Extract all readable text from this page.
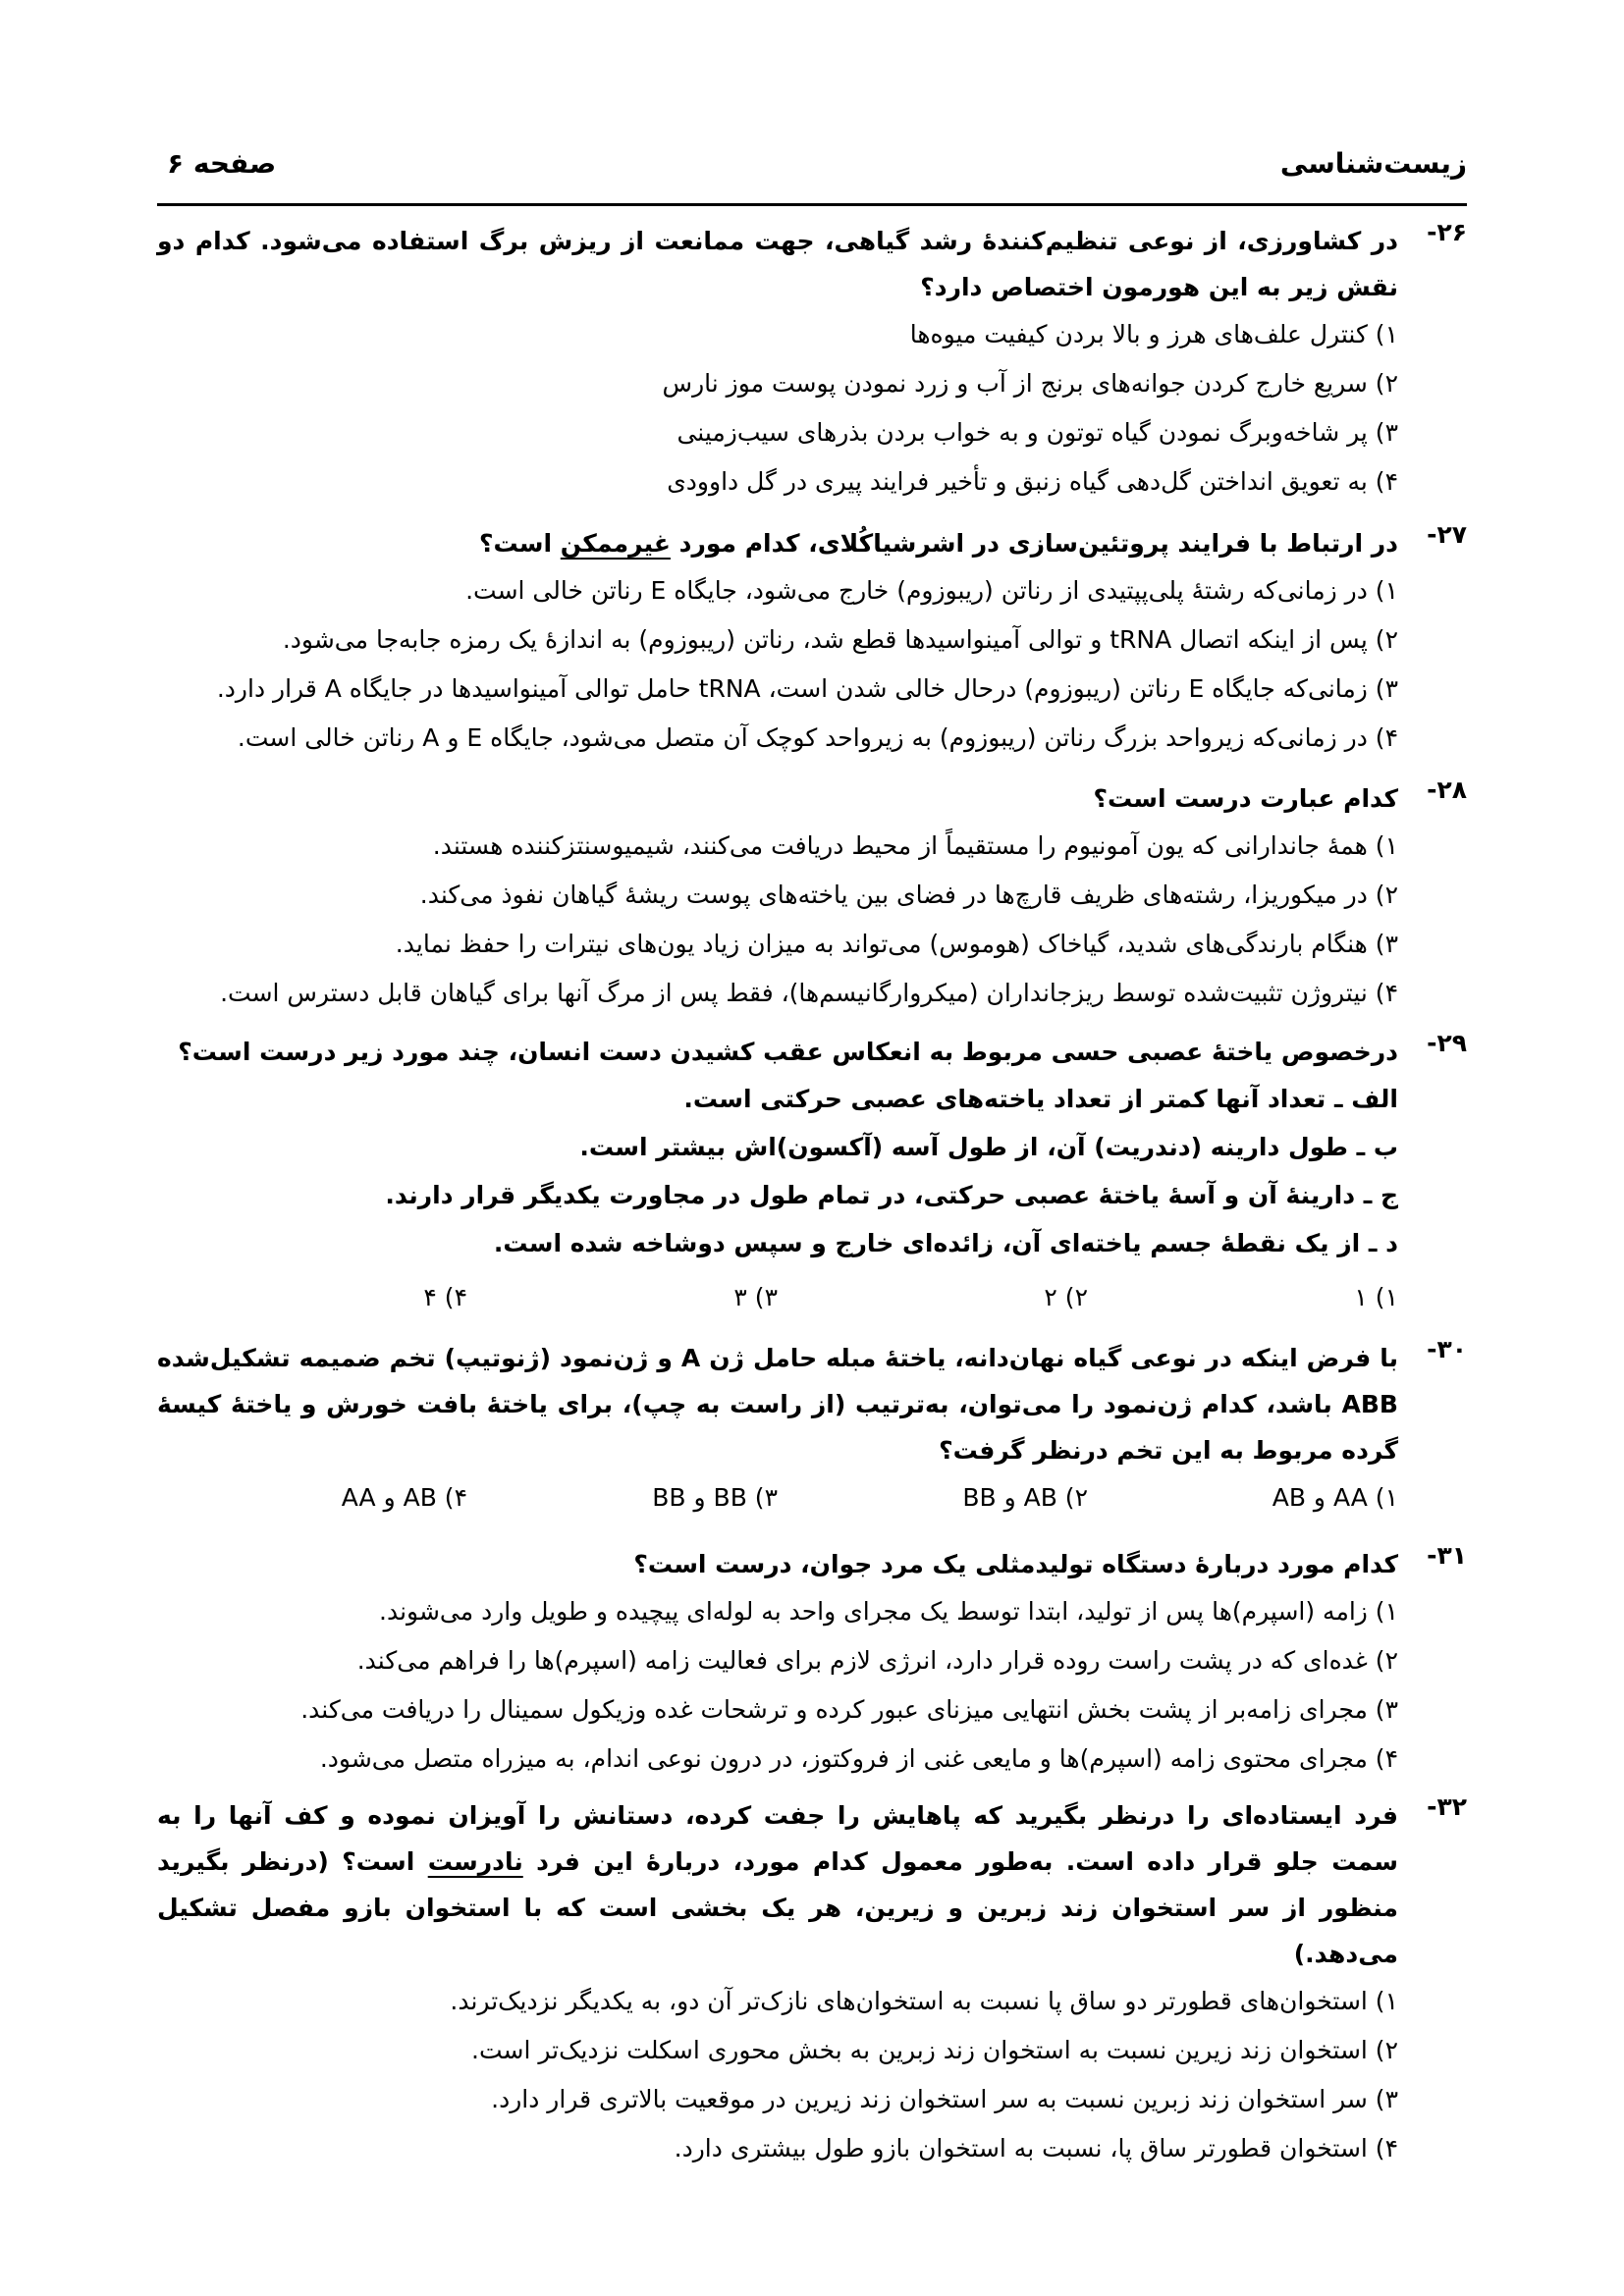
زیست‌شناسی
صفحه ۶
۲۶-
در کشاورزی، از نوعی تنظیم‌کنندهٔ رشد گیاهی، جهت ممانعت از ریزش برگ استفاده می‌شود. کدام دو نقش زیر به این هورمون اختصاص دارد؟
۱) کنترل علف‌های هرز و بالا بردن کیفیت میوه‌ها
۲) سریع خارج کردن جوانه‌های برنج از آب و زرد نمودن پوست موز نارس
۳) پر شاخه‌وبرگ نمودن گیاه توتون و به خواب بردن بذرهای سیب‌زمینی
۴) به تعویق انداختن گل‌دهی گیاه زنبق و تأخیر فرایند پیری در گل داوودی
۲۷-
در ارتباط با فرایند پروتئین‌سازی در اشرشیاکُلای، کدام مورد غیرممکن است؟
۱) در زمانی‌که رشتهٔ پلی‌پپتیدی از رناتن (ریبوزوم) خارج می‌شود، جایگاه E رناتن خالی است.
۲) پس از اینکه اتصال tRNA و توالی آمینواسیدها قطع شد، رناتن (ریبوزوم) به اندازهٔ یک رمزه جابه‌جا می‌شود.
۳) زمانی‌که جایگاه E رناتن (ریبوزوم) درحال خالی شدن است، tRNA حامل توالی آمینواسیدها در جایگاه A قرار دارد.
۴) در زمانی‌که زیرواحد بزرگ رناتن (ریبوزوم) به زیرواحد کوچک آن متصل می‌شود، جایگاه E و A رناتن خالی است.
۲۸-
کدام عبارت درست است؟
۱) همهٔ جاندارانی که یون آمونیوم را مستقیماً از محیط دریافت می‌کنند، شیمیوسنتزکننده هستند.
۲) در میکوریزا، رشته‌های ظریف قارچ‌ها در فضای بین یاخته‌های پوست ریشهٔ گیاهان نفوذ می‌کند.
۳) هنگام بارندگی‌های شدید، گیاخاک (هوموس) می‌تواند به میزان زیاد یون‌های نیترات را حفظ نماید.
۴) نیتروژن تثبیت‌شده توسط ریزجانداران (میکروارگانیسم‌ها)، فقط پس از مرگ آنها برای گیاهان قابل دسترس است.
۲۹-
درخصوص یاختهٔ عصبی حسی مربوط به انعکاس عقب کشیدن دست انسان، چند مورد زیر درست است؟
الف ـ تعداد آنها کمتر از تعداد یاخته‌های عصبی حرکتی است.
ب ـ طول دارینه (دندریت) آن، از طول آسه (آکسون)اش بیشتر است.
ج ـ دارینهٔ آن و آسهٔ یاختهٔ عصبی حرکتی، در تمام طول در مجاورت یکدیگر قرار دارند.
د ـ از یک نقطهٔ جسم یاخته‌ای آن، زائده‌ای خارج و سپس دوشاخه شده است.
۱) ۱
۲) ۲
۳) ۳
۴) ۴
۳۰-
با فرض اینکه در نوعی گیاه نهان‌دانه، یاختهٔ مبله حامل ژن A و ژن‌نمود (ژنوتیپ) تخم ضمیمه تشکیل‌شده ABB باشد، کدام ژن‌نمود را می‌توان، به‌ترتیب (از راست به چپ)، برای یاختهٔ بافت خورش و یاختهٔ کیسهٔ گرده مربوط به این تخم درنظر گرفت؟
۱) AA و AB
۲) AB و BB
۳) BB و BB
۴) AB و AA
۳۱-
کدام مورد دربارهٔ دستگاه تولیدمثلی یک مرد جوان، درست است؟
۱) زامه (اسپرم)ها پس از تولید، ابتدا توسط یک مجرای واحد به لوله‌ای پیچیده و طویل وارد می‌شوند.
۲) غده‌ای که در پشت راست روده قرار دارد، انرژی لازم برای فعالیت زامه (اسپرم)ها را فراهم می‌کند.
۳) مجرای زامه‌بر از پشت بخش انتهایی میزنای عبور کرده و ترشحات غده وزیکول سمینال را دریافت می‌کند.
۴) مجرای محتوی زامه (اسپرم)ها و مایعی غنی از فروکتوز، در درون نوعی اندام، به میزراه متصل می‌شود.
۳۲-
فرد ایستاده‌ای را درنظر بگیرید که پاهایش را جفت کرده، دستانش را آویزان نموده و کف آنها را به سمت جلو قرار داده است. به‌طور معمول کدام مورد، دربارهٔ این فرد نادرست است؟ (درنظر بگیرید منظور از سر استخوان زند زبرین و زیرین، هر یک بخشی است که با استخوان بازو مفصل تشکیل می‌دهد.)
۱) استخوان‌های قطورتر دو ساق پا نسبت به استخوان‌های نازک‌تر آن دو، به یکدیگر نزدیک‌ترند.
۲) استخوان زند زیرین نسبت به استخوان زند زبرین به بخش محوری اسکلت نزدیک‌تر است.
۳) سر استخوان زند زبرین نسبت به سر استخوان زند زیرین در موقعیت بالاتری قرار دارد.
۴) استخوان قطورتر ساق پا، نسبت به استخوان بازو طول بیشتری دارد.
